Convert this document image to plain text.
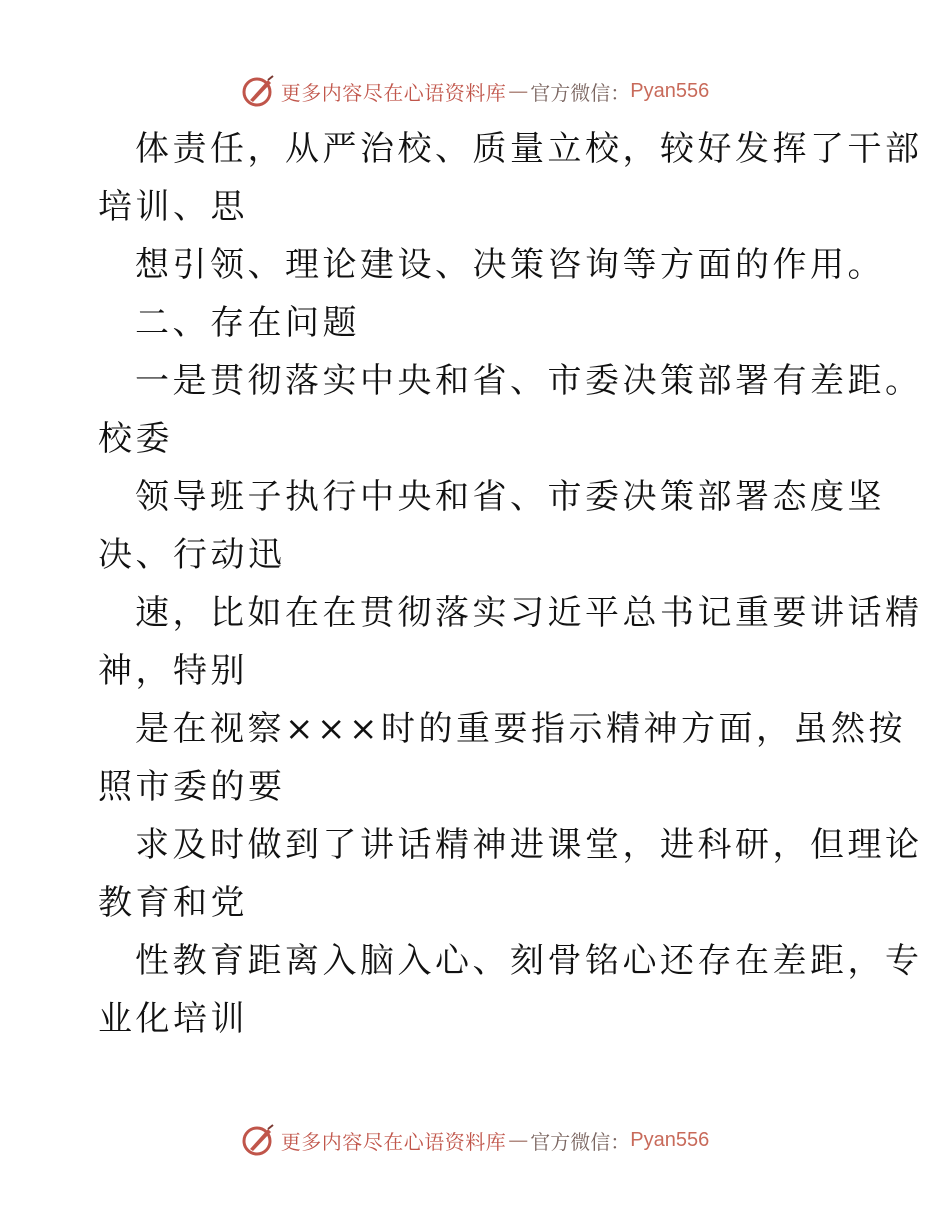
更多内容尽在心语资料库 — 官方微信： Pyan556
体责任，从严治校、质量立校，较好发挥了干部
培训、思
想引领、理论建设、决策咨询等方面的作用。
二、存在问题
一是贯彻落实中央和省、市委决策部署有差距。
校委
领导班子执行中央和省、市委决策部署态度坚
决、行动迅
速，比如在在贯彻落实习近平总书记重要讲话精
神，特别
是在视察×××时的重要指示精神方面，虽然按
照市委的要
求及时做到了讲话精神进课堂，进科研，但理论
教育和党
性教育距离入脑入心、刻骨铭心还存在差距，专
业化培训
更多内容尽在心语资料库 — 官方微信： Pyan556
